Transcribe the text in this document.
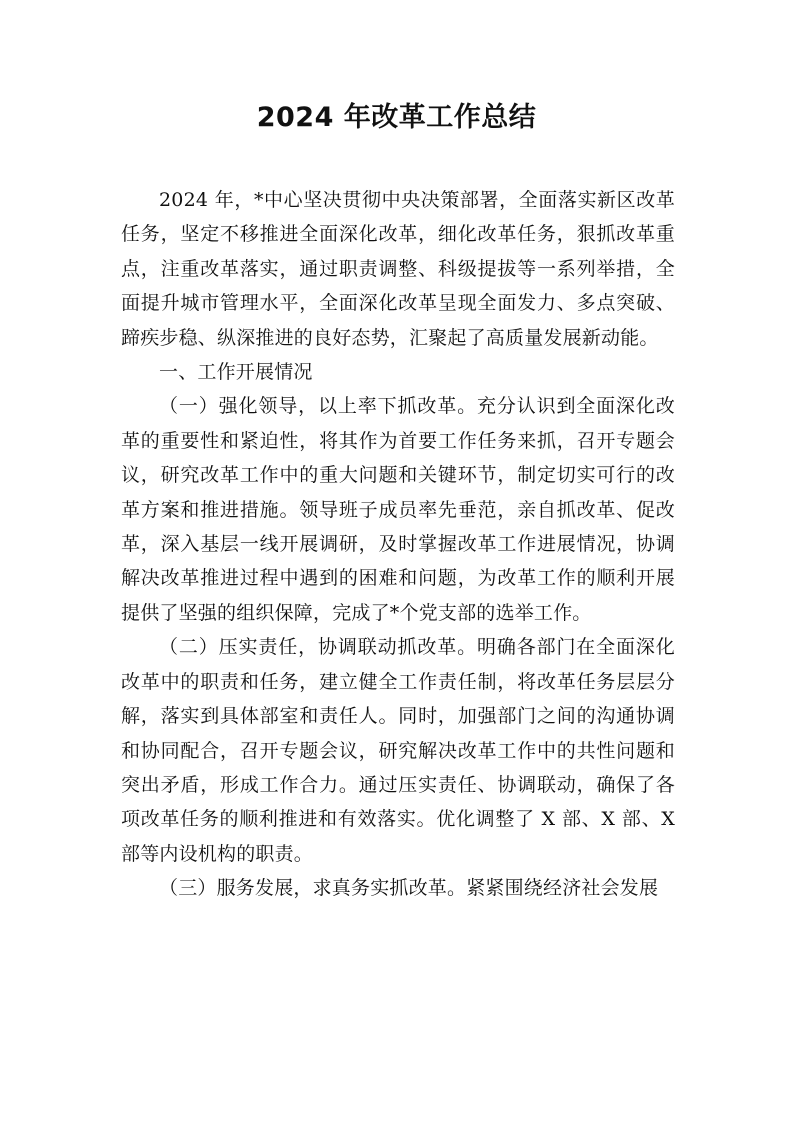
2024 年改革工作总结

2024 年，*中心坚决贯彻中央决策部署，全面落实新区改革任务，坚定不移推进全面深化改革，细化改革任务，狠抓改革重点，注重改革落实，通过职责调整、科级提拔等一系列举措，全面提升城市管理水平，全面深化改革呈现全面发力、多点突破、蹄疾步稳、纵深推进的良好态势，汇聚起了高质量发展新动能。

一、工作开展情况

（一）强化领导，以上率下抓改革。充分认识到全面深化改革的重要性和紧迫性，将其作为首要工作任务来抓，召开专题会议，研究改革工作中的重大问题和关键环节，制定切实可行的改革方案和推进措施。领导班子成员率先垂范，亲自抓改革、促改革，深入基层一线开展调研，及时掌握改革工作进展情况，协调解决改革推进过程中遇到的困难和问题，为改革工作的顺利开展提供了坚强的组织保障，完成了*个党支部的选举工作。

（二）压实责任，协调联动抓改革。明确各部门在全面深化改革中的职责和任务，建立健全工作责任制，将改革任务层层分解，落实到具体部室和责任人。同时，加强部门之间的沟通协调和协同配合，召开专题会议，研究解决改革工作中的共性问题和突出矛盾，形成工作合力。通过压实责任、协调联动，确保了各项改革任务的顺利推进和有效落实。优化调整了 X 部、X 部、X 部等内设机构的职责。

（三）服务发展，求真务实抓改革。紧紧围绕经济社会发展
